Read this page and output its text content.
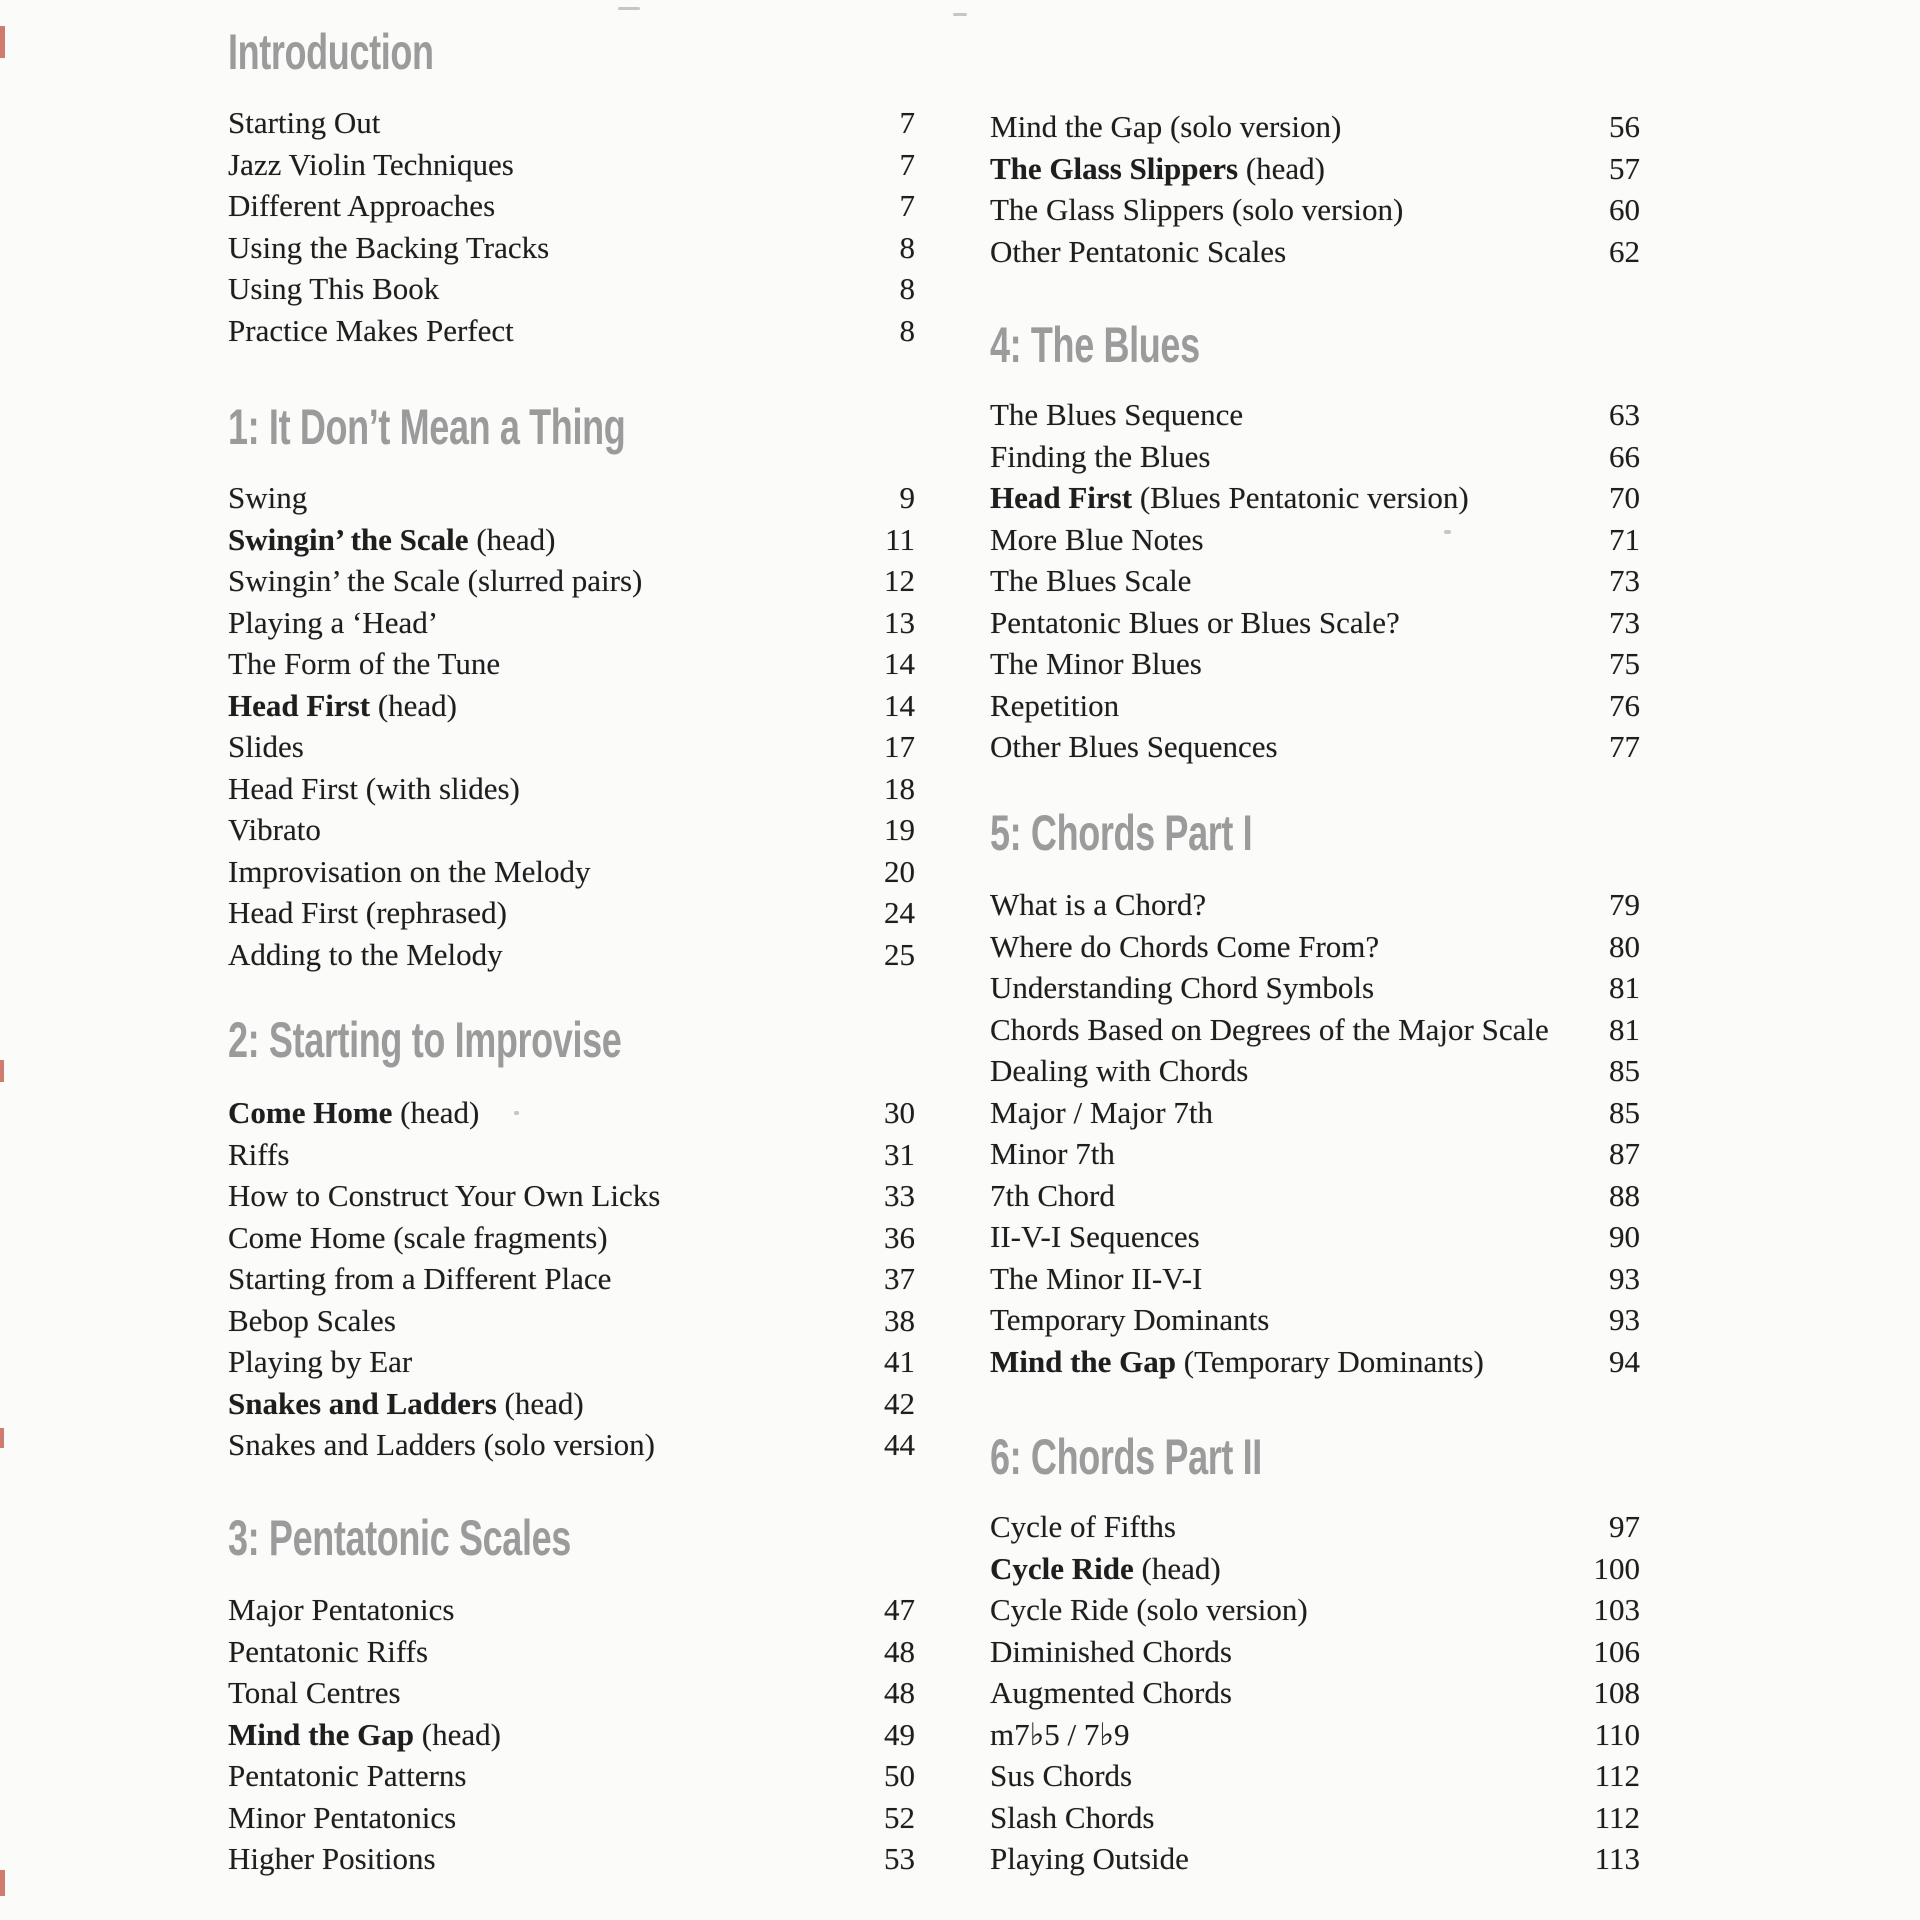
Introduction
Starting Out	7
Jazz Violin Techniques	7
Different Approaches	7
Using the Backing Tracks	8
Using This Book	8
Practice Makes Perfect	8
1: It Don’t Mean a Thing
Swing	9
Swingin’ the Scale (head)	11
Swingin’ the Scale (slurred pairs)	12
Playing a ‘Head’	13
The Form of the Tune	14
Head First (head)	14
Slides	17
Head First (with slides)	18
Vibrato	19
Improvisation on the Melody	20
Head First (rephrased)	24
Adding to the Melody	25
2: Starting to Improvise
Come Home (head)	30
Riffs	31
How to Construct Your Own Licks	33
Come Home (scale fragments)	36
Starting from a Different Place	37
Bebop Scales	38
Playing by Ear	41
Snakes and Ladders (head)	42
Snakes and Ladders (solo version)	44
3: Pentatonic Scales
Major Pentatonics	47
Pentatonic Riffs	48
Tonal Centres	48
Mind the Gap (head)	49
Pentatonic Patterns	50
Minor Pentatonics	52
Higher Positions	53
Mind the Gap (solo version)	56
The Glass Slippers (head)	57
The Glass Slippers (solo version)	60
Other Pentatonic Scales	62
4: The Blues
The Blues Sequence	63
Finding the Blues	66
Head First (Blues Pentatonic version)	70
More Blue Notes	71
The Blues Scale	73
Pentatonic Blues or Blues Scale?	73
The Minor Blues	75
Repetition	76
Other Blues Sequences	77
5: Chords Part I
What is a Chord?	79
Where do Chords Come From?	80
Understanding Chord Symbols	81
Chords Based on Degrees of the Major Scale	81
Dealing with Chords	85
Major / Major 7th	85
Minor 7th	87
7th Chord	88
II-V-I Sequences	90
The Minor II-V-I	93
Temporary Dominants	93
Mind the Gap (Temporary Dominants)	94
6: Chords Part II
Cycle of Fifths	97
Cycle Ride (head)	100
Cycle Ride (solo version)	103
Diminished Chords	106
Augmented Chords	108
m7♭5 / 7♭9	110
Sus Chords	112
Slash Chords	112
Playing Outside	113
